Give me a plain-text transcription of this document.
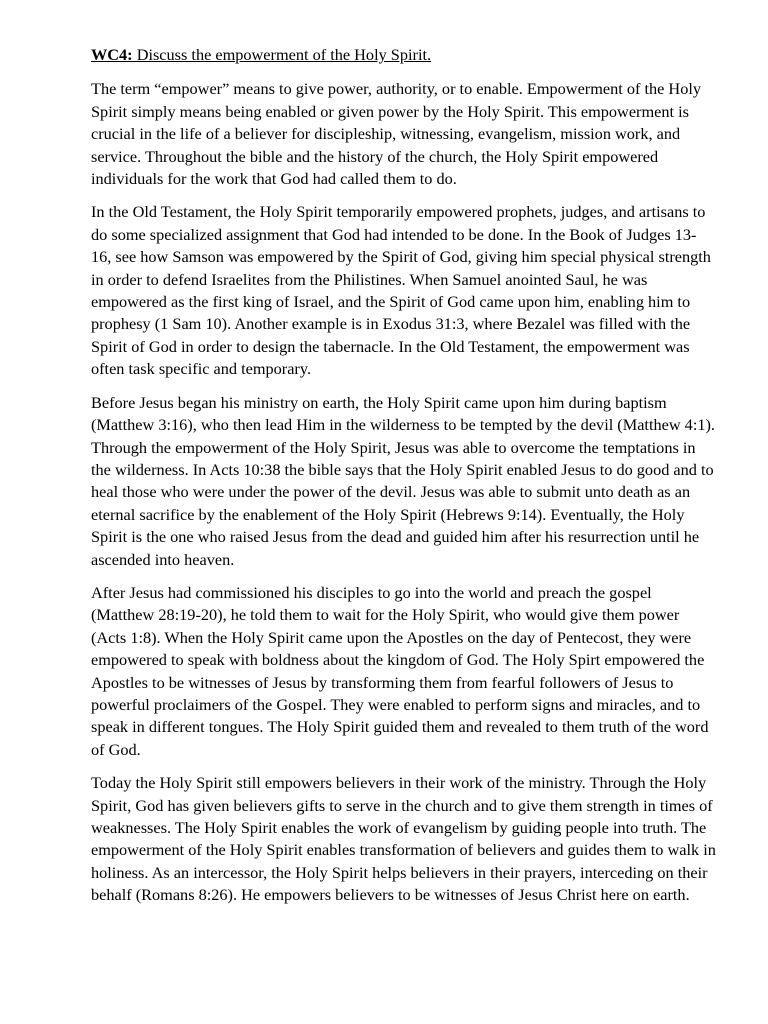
WC4: Discuss the empowerment of the Holy Spirit.

The term “empower” means to give power, authority, or to enable. Empowerment of the Holy Spirit simply means being enabled or given power by the Holy Spirit. This empowerment is crucial in the life of a believer for discipleship, witnessing, evangelism, mission work, and service. Throughout the bible and the history of the church, the Holy Spirit empowered individuals for the work that God had called them to do.

In the Old Testament, the Holy Spirit temporarily empowered prophets, judges, and artisans to do some specialized assignment that God had intended to be done. In the Book of Judges 13-16, see how Samson was empowered by the Spirit of God, giving him special physical strength in order to defend Israelites from the Philistines. When Samuel anointed Saul, he was empowered as the first king of Israel, and the Spirit of God came upon him, enabling him to prophesy (1 Sam 10). Another example is in Exodus 31:3, where Bezalel was filled with the Spirit of God in order to design the tabernacle. In the Old Testament, the empowerment was often task specific and temporary.

Before Jesus began his ministry on earth, the Holy Spirit came upon him during baptism (Matthew 3:16), who then lead Him in the wilderness to be tempted by the devil (Matthew 4:1). Through the empowerment of the Holy Spirit, Jesus was able to overcome the temptations in the wilderness. In Acts 10:38 the bible says that the Holy Spirit enabled Jesus to do good and to heal those who were under the power of the devil. Jesus was able to submit unto death as an eternal sacrifice by the enablement of the Holy Spirit (Hebrews 9:14). Eventually, the Holy Spirit is the one who raised Jesus from the dead and guided him after his resurrection until he ascended into heaven.

After Jesus had commissioned his disciples to go into the world and preach the gospel (Matthew 28:19-20), he told them to wait for the Holy Spirit, who would give them power (Acts 1:8). When the Holy Spirit came upon the Apostles on the day of Pentecost, they were empowered to speak with boldness about the kingdom of God. The Holy Spirt empowered the Apostles to be witnesses of Jesus by transforming them from fearful followers of Jesus to powerful proclaimers of the Gospel. They were enabled to perform signs and miracles, and to speak in different tongues. The Holy Spirit guided them and revealed to them truth of the word of God.

Today the Holy Spirit still empowers believers in their work of the ministry. Through the Holy Spirit, God has given believers gifts to serve in the church and to give them strength in times of weaknesses. The Holy Spirit enables the work of evangelism by guiding people into truth. The empowerment of the Holy Spirit enables transformation of believers and guides them to walk in holiness. As an intercessor, the Holy Spirit helps believers in their prayers, interceding on their behalf (Romans 8:26). He empowers believers to be witnesses of Jesus Christ here on earth.
